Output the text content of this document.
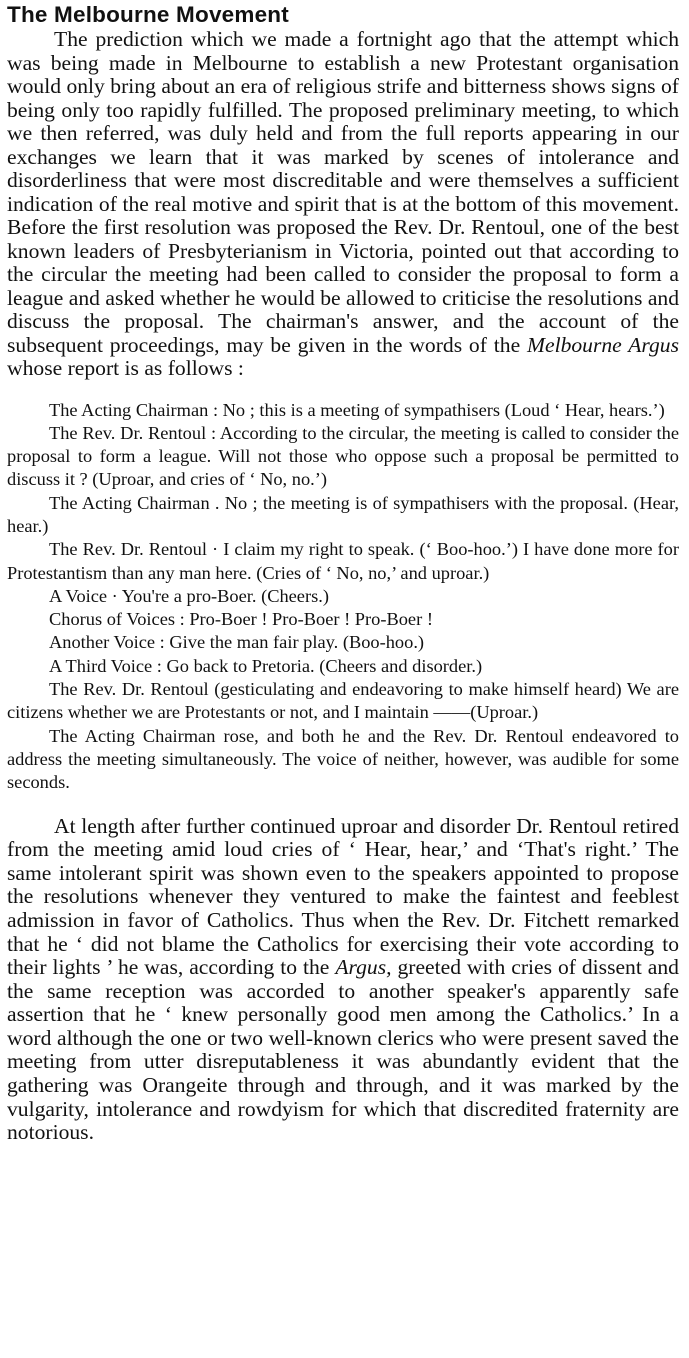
The Melbourne Movement

The prediction which we made a fortnight ago that the attempt which was being made in Melbourne to establish a new Protestant organisation would only bring about an era of religious strife and bitterness shows signs of being only too rapidly fulfilled. The proposed preliminary meeting, to which we then referred, was duly held and from the full reports appearing in our exchanges we learn that it was marked by scenes of intolerance and disorderliness that were most discreditable and were themselves a sufficient indication of the real motive and spirit that is at the bottom of this movement. Before the first resolution was proposed the Rev. Dr. Rentoul, one of the best known leaders of Presbyterianism in Victoria, pointed out that according to the circular the meeting had been called to consider the proposal to form a league and asked whether he would be allowed to criticise the resolutions and discuss the proposal. The chairman's answer, and the account of the subsequent proceedings, may be given in the words of the Melbourne Argus whose report is as follows :

The Acting Chairman : No ; this is a meeting of sympathisers (Loud ‘ Hear, hears.’)

The Rev. Dr. Rentoul : According to the circular, the meeting is called to consider the proposal to form a league. Will not those who oppose such a proposal be permitted to discuss it ? (Uproar, and cries of ‘ No, no.’)

The Acting Chairman . No ; the meeting is of sympathisers with the proposal. (Hear, hear.)

The Rev. Dr. Rentoul · I claim my right to speak. (‘ Boo-hoo.’) I have done more for Protestantism than any man here. (Cries of ‘ No, no,’ and uproar.)

A Voice · You're a pro-Boer. (Cheers.)

Chorus of Voices : Pro-Boer ! Pro-Boer ! Pro-Boer !

Another Voice : Give the man fair play. (Boo-hoo.)

A Third Voice : Go back to Pretoria. (Cheers and disorder.)

The Rev. Dr. Rentoul (gesticulating and endeavoring to make himself heard) We are citizens whether we are Protestants or not, and I maintain ——(Uproar.)

The Acting Chairman rose, and both he and the Rev. Dr. Rentoul endeavored to address the meeting simultaneously. The voice of neither, however, was audible for some seconds.

At length after further continued uproar and disorder Dr. Rentoul retired from the meeting amid loud cries of ‘ Hear, hear,’ and ‘That's right.’ The same intolerant spirit was shown even to the speakers appointed to propose the resolutions whenever they ventured to make the faintest and feeblest admission in favor of Catholics. Thus when the Rev. Dr. Fitchett remarked that he ‘ did not blame the Catholics for exercising their vote according to their lights ’ he was, according to the Argus, greeted with cries of dissent and the same reception was accorded to another speaker's apparently safe assertion that he ‘ knew personally good men among the Catholics.’ In a word although the one or two well-known clerics who were present saved the meeting from utter disreputableness it was abundantly evident that the gathering was Orangeite through and through, and it was marked by the vulgarity, intolerance and rowdyism for which that discredited fraternity are notorious.
